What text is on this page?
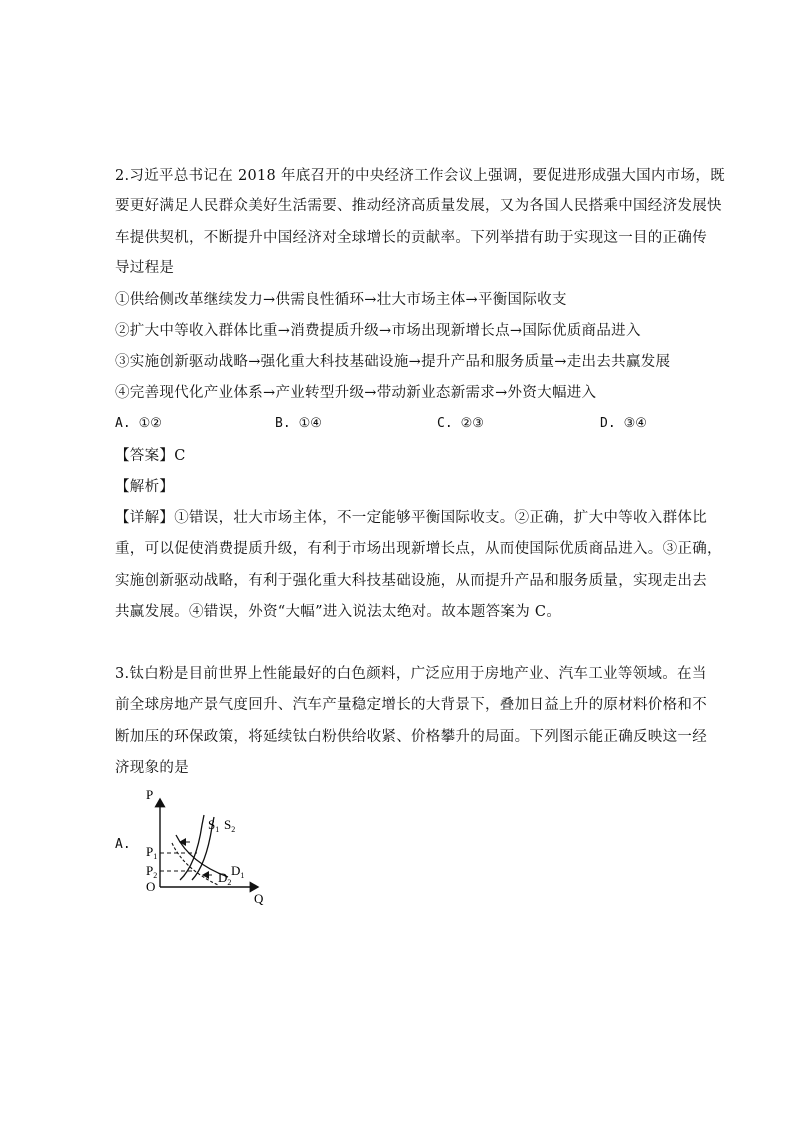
2.习近平总书记在 2018 年底召开的中央经济工作会议上强调，要促进形成强大国内市场，既
要更好满足人民群众美好生活需要、推动经济高质量发展，又为各国人民搭乘中国经济发展快
车提供契机，不断提升中国经济对全球增长的贡献率。下列举措有助于实现这一目的正确传
导过程是
①供给侧改革继续发力→供需良性循环→壮大市场主体→平衡国际收支
②扩大中等收入群体比重→消费提质升级→市场出现新增长点→国际优质商品进入
③实施创新驱动战略→强化重大科技基础设施→提升产品和服务质量→走出去共赢发展
④完善现代化产业体系→产业转型升级→带动新业态新需求→外资大幅进入
A. ①②	B. ①④	C. ②③	D. ③④
【答案】C
【解析】
【详解】①错误，壮大市场主体，不一定能够平衡国际收支。②正确，扩大中等收入群体比
重，可以促使消费提质升级，有利于市场出现新增长点，从而使国际优质商品进入。③正确，
实施创新驱动战略，有利于强化重大科技基础设施，从而提升产品和服务质量，实现走出去
共赢发展。④错误，外资“大幅”进入说法太绝对。故本题答案为 C。
3.钛白粉是目前世界上性能最好的白色颜料，广泛应用于房地产业、汽车工业等领域。在当
前全球房地产景气度回升、汽车产量稳定增长的大背景下，叠加日益上升的原材料价格和不
断加压的环保政策，将延续钛白粉供给收紧、价格攀升的局面。下列图示能正确反映这一经
济现象的是
A.
P
Q
O
$P_1$
$P_2$
$S_1$ $S_2$
$D_1$
$D_2$
